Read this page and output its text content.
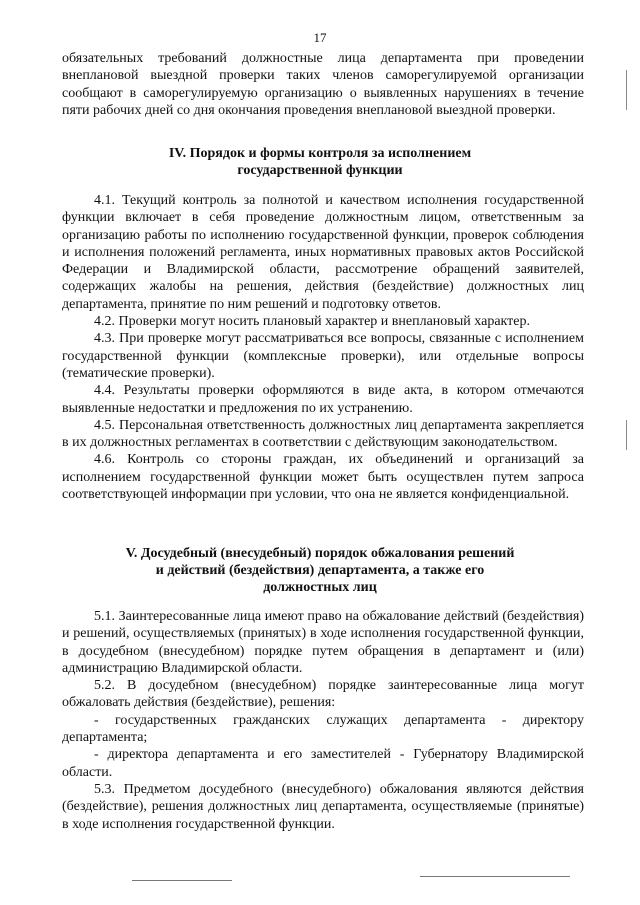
17

обязательных требований должностные лица департамента при проведении внеплановой выездной проверки таких членов саморегулируемой организации сообщают в саморегулируемую организацию о выявленных нарушениях в течение пяти рабочих дней со дня окончания проведения внеплановой выездной проверки.

IV. Порядок и формы контроля за исполнением
государственной функции

4.1. Текущий контроль за полнотой и качеством исполнения государственной функции включает в себя проведение должностным лицом, ответственным за организацию работы по исполнению государственной функции, проверок соблюдения и исполнения положений регламента, иных нормативных правовых актов Российской Федерации и Владимирской области, рассмотрение обращений заявителей, содержащих жалобы на решения, действия (бездействие) должностных лиц департамента, принятие по ним решений и подготовку ответов.

4.2. Проверки могут носить плановый характер и внеплановый характер.

4.3. При проверке могут рассматриваться все вопросы, связанные с исполнением государственной функции (комплексные проверки), или отдельные вопросы (тематические проверки).

4.4. Результаты проверки оформляются в виде акта, в котором отмечаются выявленные недостатки и предложения по их устранению.

4.5. Персональная ответственность должностных лиц департамента закрепляется в их должностных регламентах в соответствии с действующим законодательством.

4.6. Контроль со стороны граждан, их объединений и организаций за исполнением государственной функции может быть осуществлен путем запроса соответствующей информации при условии, что она не является конфиденциальной.

V. Досудебный (внесудебный) порядок обжалования решений
и действий (бездействия) департамента, а также его
должностных лиц

5.1. Заинтересованные лица имеют право на обжалование действий (бездействия) и решений, осуществляемых (принятых) в ходе исполнения государственной функции, в досудебном (внесудебном) порядке путем обращения в департамент и (или) администрацию Владимирской области.

5.2. В досудебном (внесудебном) порядке заинтересованные лица могут обжаловать действия (бездействие), решения:

- государственных гражданских служащих департамента - директору департамента;

- директора департамента и его заместителей - Губернатору Владимирской области.

5.3. Предметом досудебного (внесудебного) обжалования являются действия (бездействие), решения должностных лиц департамента, осуществляемые (принятые) в ходе исполнения государственной функции.
